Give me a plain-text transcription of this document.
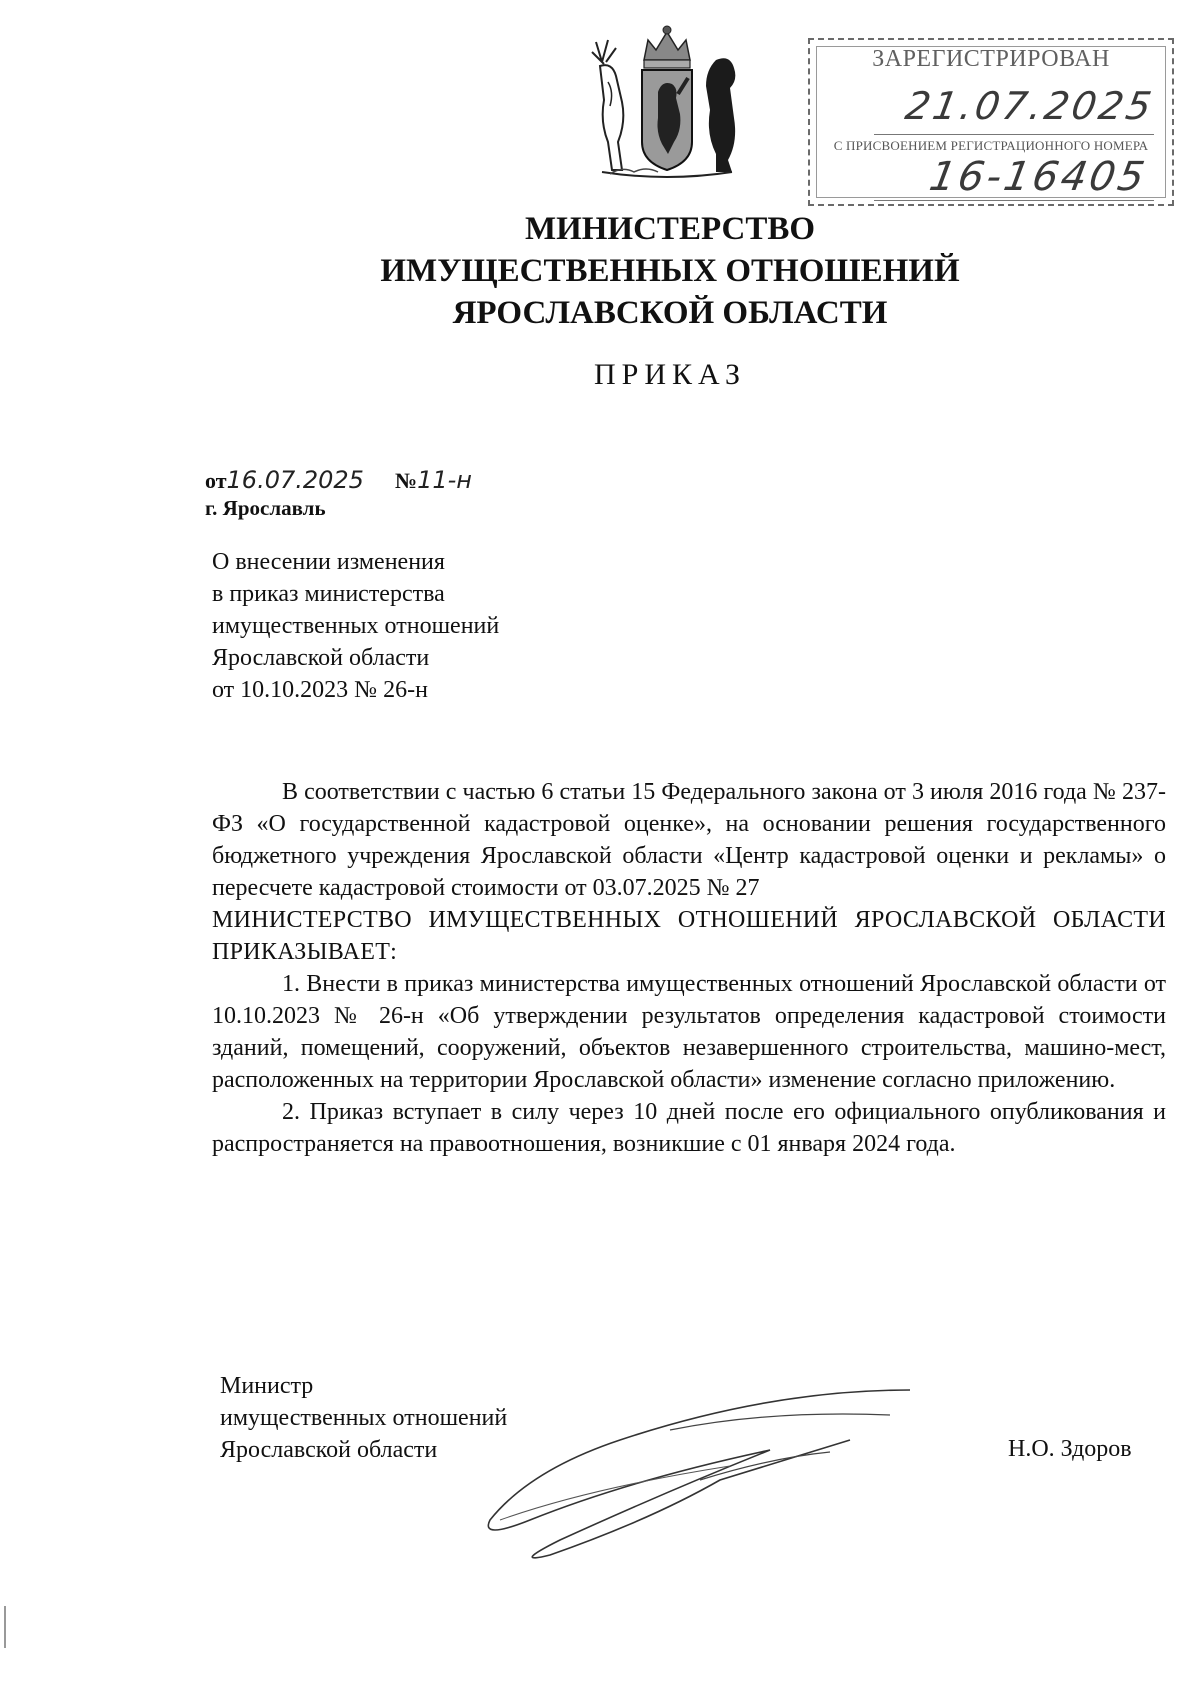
ЗАРЕГИСТРИРОВАН
21.07.2025
С ПРИСВОЕНИЕМ РЕГИСТРАЦИОННОГО НОМЕРА
16-16405
МИНИСТЕРСТВО
ИМУЩЕСТВЕННЫХ ОТНОШЕНИЙ
ЯРОСЛАВСКОЙ ОБЛАСТИ
ПРИКАЗ
от16.07.2025 №11-н
г. Ярославль
О внесении изменения
в приказ министерства
имущественных отношений
Ярославской области
от 10.10.2023 № 26-н

В соответствии с частью 6 статьи 15 Федерального закона от 3 июля 2016 года № 237-ФЗ «О государственной кадастровой оценке», на основании решения государственного бюджетного учреждения Ярославской области «Центр кадастровой оценки и рекламы» о пересчете кадастровой стоимости от 03.07.2025 № 27

МИНИСТЕРСТВО ИМУЩЕСТВЕННЫХ ОТНОШЕНИЙ ЯРОСЛАВСКОЙ ОБЛАСТИ ПРИКАЗЫВАЕТ:

1. Внести в приказ министерства имущественных отношений Ярославской области от 10.10.2023 № 26-н «Об утверждении результатов определения кадастровой стоимости зданий, помещений, сооружений, объектов незавершенного строительства, машино-мест, расположенных на территории Ярославской области» изменение согласно приложению.

2. Приказ вступает в силу через 10 дней после его официального опубликования и распространяется на правоотношения, возникшие с 01 января 2024 года.

Министр
имущественных отношений
Ярославской области	Н.О. Здоров
